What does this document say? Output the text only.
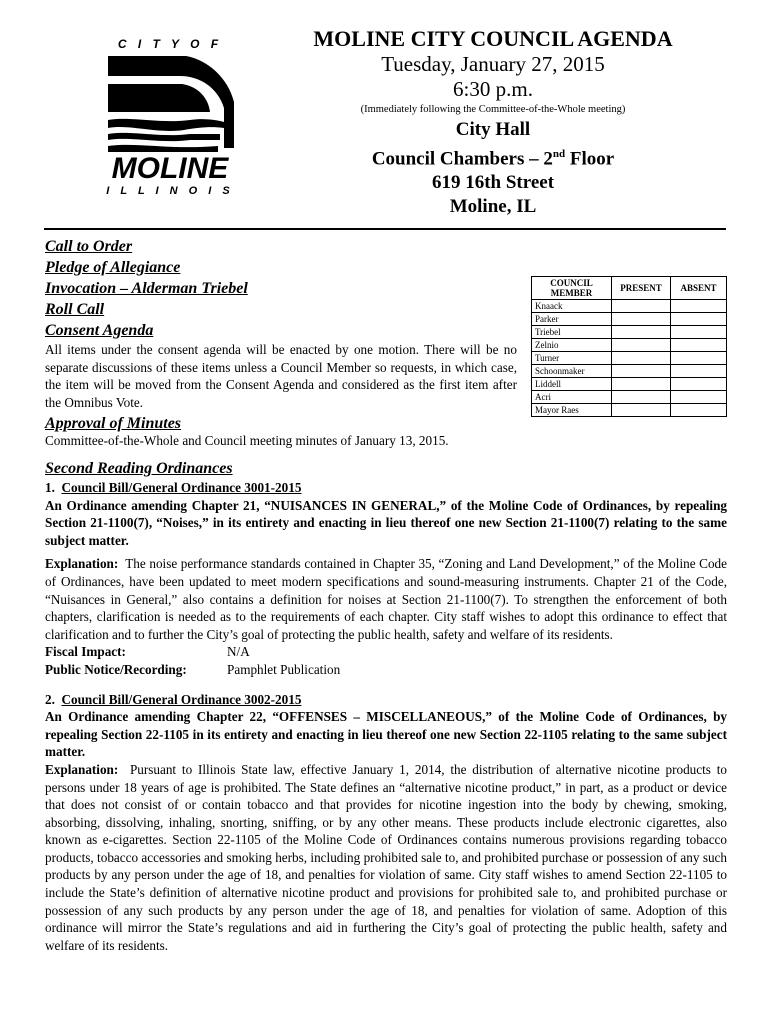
C I T Y O F
MOLINE
I L L I N O I S
MOLINE CITY COUNCIL AGENDA
Tuesday, January 27, 2015
6:30 p.m.
(Immediately following the Committee-of-the-Whole meeting)
City Hall
Council Chambers – 2nd Floor
619 16th Street
Moline, IL
Call to Order
Pledge of Allegiance
Invocation – Alderman Triebel
Roll Call
Consent Agenda
All items under the consent agenda will be enacted by one motion. There will be no separate discussions of these items unless a Council Member so requests, in which case, the item will be moved from the Consent Agenda and considered as the first item after the Omnibus Vote.
Approval of Minutes
Committee-of-the-Whole and Council meeting minutes of January 13, 2015.
COUNCIL MEMBER	PRESENT	ABSENT
Knaack		
Parker		
Triebel		
Zelnio		
Turner		
Schoonmaker		
Liddell		
Acri		
Mayor Raes		
Second Reading Ordinances
1. Council Bill/General Ordinance 3001-2015
An Ordinance amending Chapter 21, “NUISANCES IN GENERAL,” of the Moline Code of Ordinances, by repealing Section 21-1100(7), “Noises,” in its entirety and enacting in lieu thereof one new Section 21-1100(7) relating to the same subject matter.
Explanation: The noise performance standards contained in Chapter 35, “Zoning and Land Development,” of the Moline Code of Ordinances, have been updated to meet modern specifications and sound-measuring instruments. Chapter 21 of the Code, “Nuisances in General,” also contains a definition for noises at Section 21-1100(7). To strengthen the enforcement of both chapters, clarification is needed as to the requirements of each chapter. City staff wishes to adopt this ordinance to effect that clarification and to further the City’s goal of protecting the public health, safety and welfare of its residents.
Fiscal Impact:	N/A
Public Notice/Recording:	Pamphlet Publication
2. Council Bill/General Ordinance 3002-2015
An Ordinance amending Chapter 22, “OFFENSES – MISCELLANEOUS,” of the Moline Code of Ordinances, by repealing Section 22-1105 in its entirety and enacting in lieu thereof one new Section 22-1105 relating to the same subject matter.
Explanation: Pursuant to Illinois State law, effective January 1, 2014, the distribution of alternative nicotine products to persons under 18 years of age is prohibited. The State defines an “alternative nicotine product,” in part, as a product or device that does not consist of or contain tobacco and that provides for nicotine ingestion into the body by chewing, smoking, absorbing, dissolving, inhaling, snorting, sniffing, or by any other means. These products include electronic cigarettes, also known as e-cigarettes. Section 22-1105 of the Moline Code of Ordinances contains numerous provisions regarding tobacco products, tobacco accessories and smoking herbs, including prohibited sale to, and prohibited purchase or possession of any such products by any person under the age of 18, and penalties for violation of same. City staff wishes to amend Section 22-1105 to include the State’s definition of alternative nicotine product and provisions for prohibited sale to, and prohibited purchase or possession of any such products by any person under the age of 18, and penalties for violation of same. Adoption of this ordinance will mirror the State’s regulations and aid in furthering the City’s goal of protecting the public health, safety and welfare of its residents.
